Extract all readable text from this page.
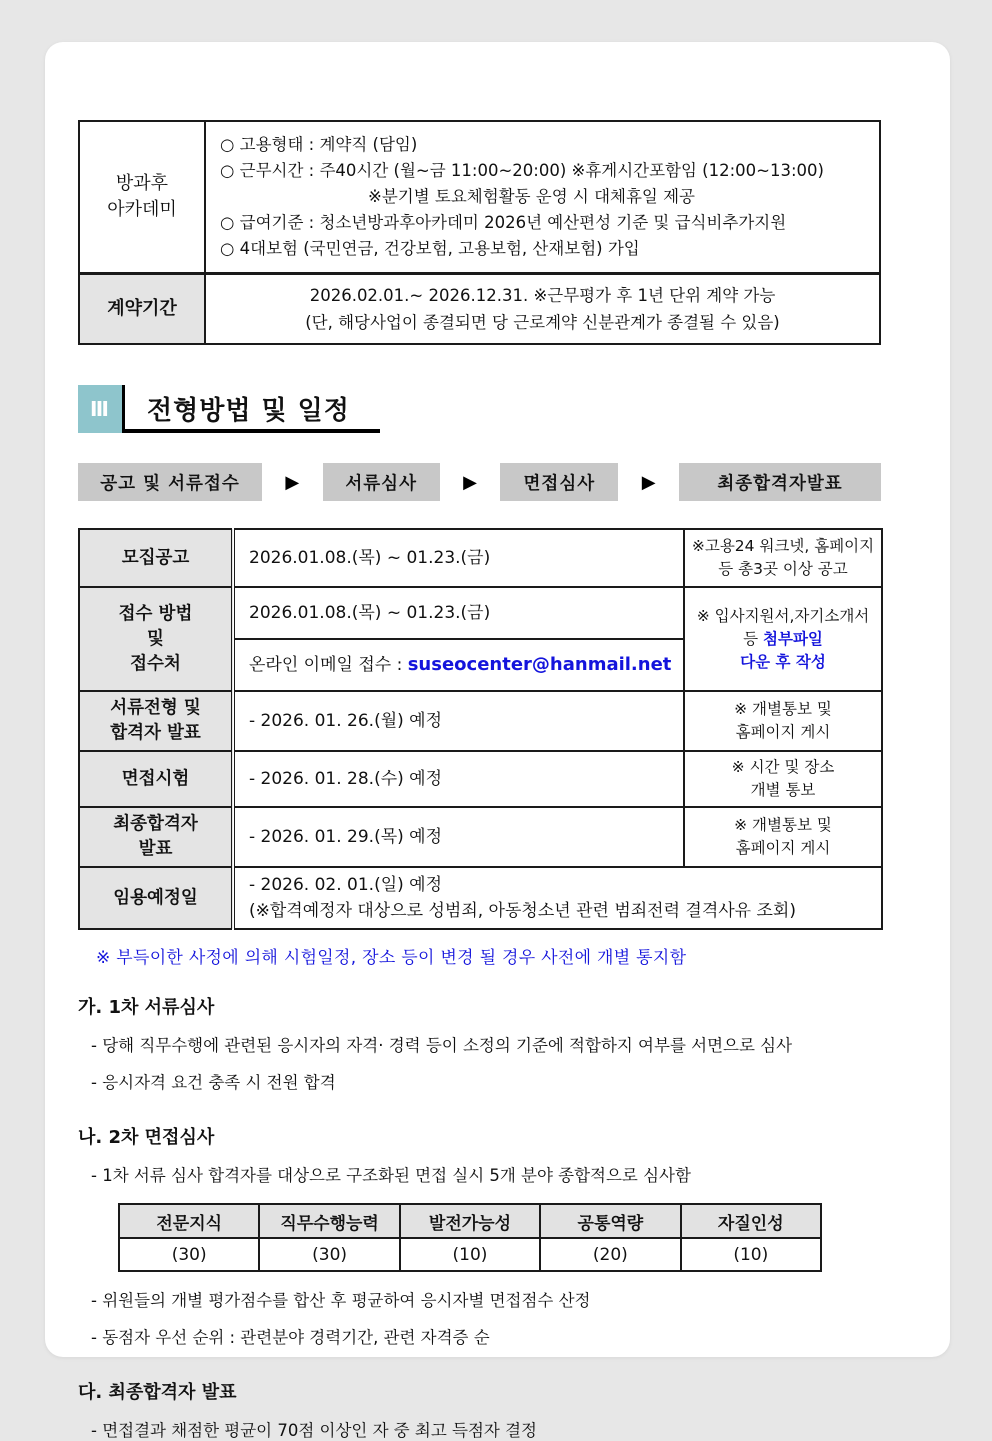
방과후
아카데미	○ 고용형태 : 계약직 (담임)
○ 근무시간 : 주40시간 (월~금 11:00~20:00) ※휴게시간포함임 (12:00~13:00)
※분기별 토요체험활동 운영 시 대체휴일 제공
○ 급여기준 : 청소년방과후아카데미 2026년 예산편성 기준 및 급식비추가지원
○ 4대보험 (국민연금, 건강보험, 고용보험, 산재보험) 가입

계약기간	2026.02.01.~ 2026.12.31. ※근무평가 후 1년 단위 계약 가능
(단, 해당사업이 종결되면 당 근로계약 신분관계가 종결될 수 있음)
Ⅲ	전형방법 및 일정
공고 및 서류접수	▶	서류심사	▶	면접심사	▶	최종합격자발표
모집공고	2026.01.08.(목) ~ 01.23.(금)	※고용24 워크넷, 홈페이지
등 총3곳 이상 공고

접수 방법
및
접수처	2026.01.08.(목) ~ 01.23.(금)	※ 입사지원서,자기소개서
등 첨부파일
다운 후 작성

	온라인 이메일 접수 : suseocenter@hanmail.net	

서류전형 및
합격자 발표	- 2026. 01. 26.(월) 예정	※ 개별통보 및
홈페이지 게시

면접시험	- 2026. 01. 28.(수) 예정	※ 시간 및 장소
개별 통보

최종합격자
발표	- 2026. 01. 29.(목) 예정	※ 개별통보 및
홈페이지 게시

임용예정일	- 2026. 02. 01.(일) 예정
(※합격예정자 대상으로 성범죄, 아동청소년 관련 범죄전력 결격사유 조회)	
※ 부득이한 사정에 의해 시험일정, 장소 등이 변경 될 경우 사전에 개별 통지함
가. 1차 서류심사
- 당해 직무수행에 관련된 응시자의 자격· 경력 등이 소정의 기준에 적합하지 여부를 서면으로 심사
- 응시자격 요건 충족 시 전원 합격
나. 2차 면접심사
- 1차 서류 심사 합격자를 대상으로 구조화된 면접 실시 5개 분야 종합적으로 심사함
전문지식	직무수행능력	발전가능성	공통역량	자질인성
(30)	(30)	(10)	(20)	(10)
- 위원들의 개별 평가점수를 합산 후 평균하여 응시자별 면접점수 산정
- 동점자 우선 순위 : 관련분야 경력기간, 관련 자격증 순
다. 최종합격자 발표
- 면접결과 채점한 평균이 70점 이상인 자 중 최고 득점자 결정
